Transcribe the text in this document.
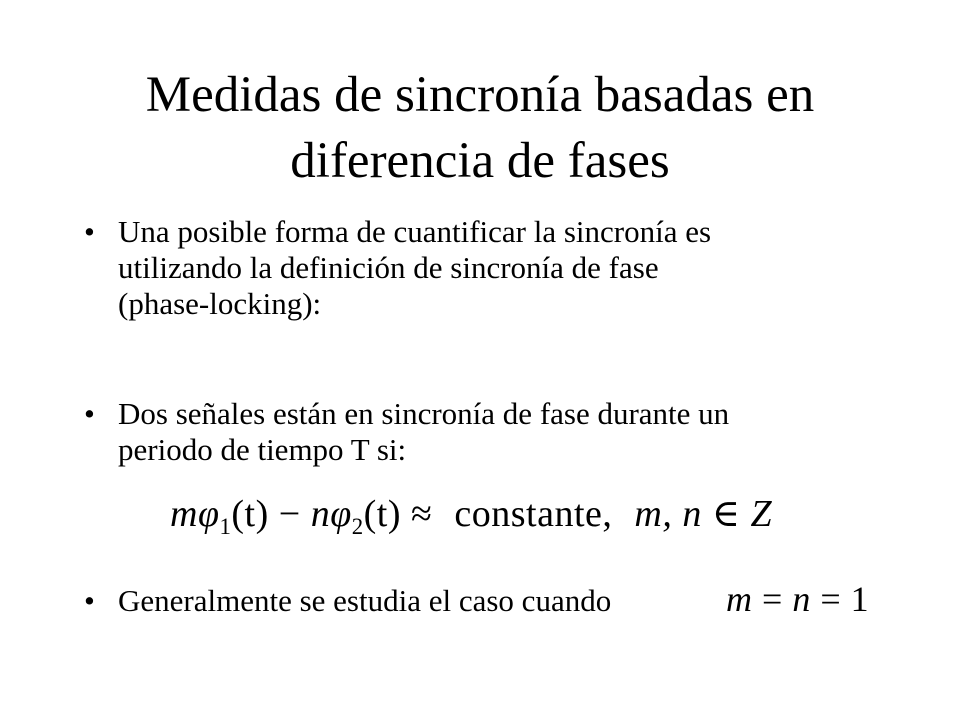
Medidas de sincronía basadas en
diferencia de fases
• Una posible forma de cuantificar la sincronía es
utilizando la definición de sincronía de fase
(phase-locking):
• Dos señales están en sincronía de fase durante un
periodo de tiempo T si:
$m\varphi_1(t) - n\varphi_2(t)$ ≈ constante, m, n ∈ Z
• Generalmente se estudia el caso cuando	m = n = 1
